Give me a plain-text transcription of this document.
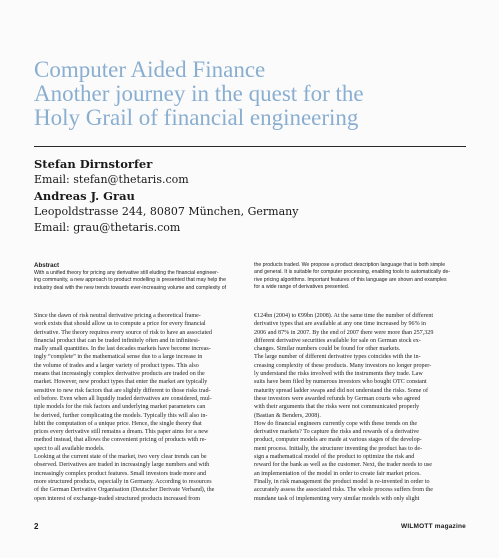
Computer Aided Finance
Another journey in the quest for the
Holy Grail of financial engineering
Stefan Dirnstorfer
Email: stefan@thetaris.com
Andreas J. Grau
Leopoldstrasse 244, 80807 München, Germany
Email: grau@thetaris.com
Abstract
With a unified theory for pricing any derivative still eluding the financial engineer-
ing community, a new approach to product modelling is presented that may help the
industry deal with the new trends towards ever-increasing volume and complexity of
the products traded. We propose a product description language that is both simple
and general. It is suitable for computer processing, enabling tools to automatically de-
rive pricing algorithms. Important features of this language are shown and examples
for a wide range of derivatives presented.
Since the dawn of risk neutral derivative pricing a theoretical frame-
work exists that should allow us to compute a price for every financial
derivative. The theory requires every source of risk to have an associated
financial product that can be traded infinitely often and in infinitesi-
mally small quantities. In the last decades markets have become increas-
ingly “complete” in the mathematical sense due to a large increase in
the volume of trades and a larger variety of product types. This also
means that increasingly complex derivative products are traded on the
market. However, new product types that enter the market are typically
sensitive to new risk factors that are slightly different to those risks trad-
ed before. Even when all liquidly traded derivatives are considered, mul-
tiple models for the risk factors and underlying market parameters can
be derived, further complicating the models. Typically this will also in-
hibit the computation of a unique price. Hence, the single theory that
prices every derivative still remains a dream. This paper aims for a new
method instead, that allows the convenient pricing of products with re-
spect to all available models.
Looking at the current state of the market, two very clear trends can be
observed. Derivatives are traded in increasingly large numbers and with
increasingly complex product features. Small investors trade more and
more structured products, especially in Germany. According to resources
of the German Derivative Organisation (Deutscher Derivate Verband), the
open interest of exchange-traded structured products increased from
€124bn (2004) to €99bn (2008). At the same time the number of different
derivative types that are available at any one time increased by 96% in
2006 and 87% in 2007. By the end of 2007 there were more than 257,329
different derivative securities available for sale on German stock ex-
changes. Similar numbers could be found for other markets.
The large number of different derivative types coincides with the in-
creasing complexity of these products. Many investors no longer proper-
ly understand the risks involved with the instruments they trade. Law
suits have been filed by numerous investors who bought OTC constant
maturity spread ladder swaps and did not understand the risks. Some of
these investors were awarded refunds by German courts who agreed
with their arguments that the risks were not communicated properly
(Bastian & Benders, 2008).
How do financial engineers currently cope with these trends on the
derivative markets? To capture the risks and rewards of a derivative
product, computer models are made at various stages of the develop-
ment process. Initially, the structurer inventing the product has to de-
sign a mathematical model of the product to optimize the risk and
reward for the bank as well as the customer. Next, the trader needs to use
an implementation of the model in order to create fair market prices.
Finally, in risk management the product model is re-invented in order to
accurately assess the associated risks. The whole process suffers from the
mundane task of implementing very similar models with only slight
2	WILMOTT magazine
